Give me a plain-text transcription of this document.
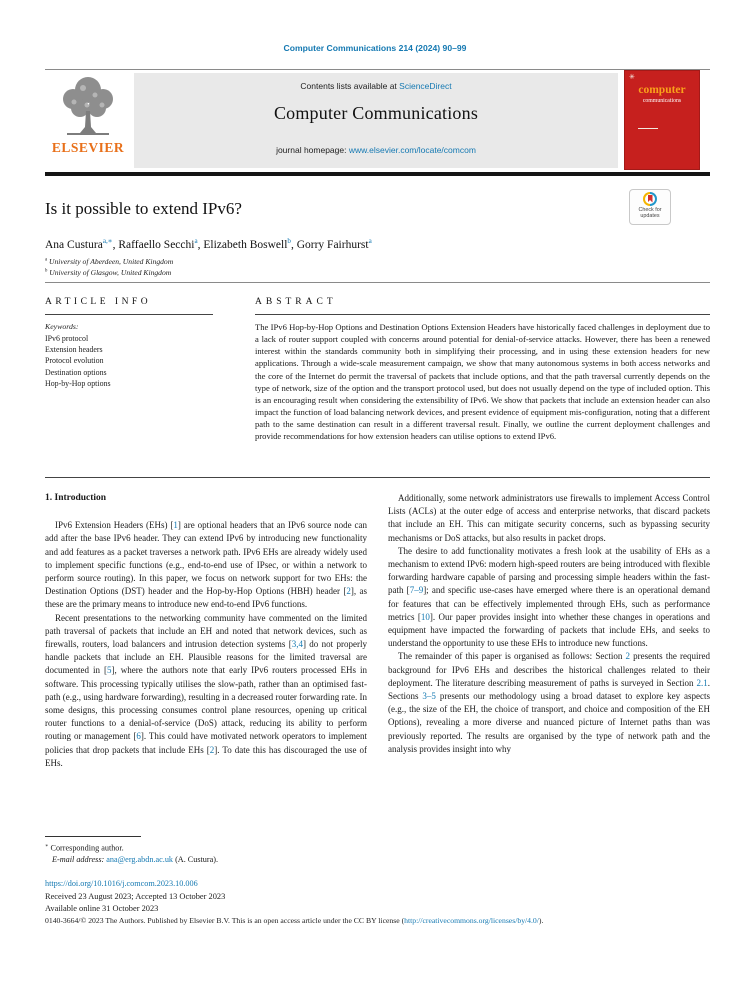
Computer Communications 214 (2024) 90–99
ELSEVIER
Contents lists available at ScienceDirect
Computer Communications
journal homepage: www.elsevier.com/locate/comcom
✳
computer
communications
Is it possible to extend IPv6?	Check for
updates
Ana Custura$^{a,∗}$, Raffaello Secchi$^a$, Elizabeth Boswell$^b$, Gorry Fairhurst$^a$
$^a$ University of Aberdeen, United Kingdom
$^b$ University of Glasgow, United Kingdom
ARTICLE INFO
Keywords:
IPv6 protocol
Extension headers
Protocol evolution
Destination options
Hop-by-Hop options
ABSTRACT
The IPv6 Hop-by-Hop Options and Destination Options Extension Headers have historically faced challenges in deployment due to a lack of router support coupled with concerns around potential for denial-of-service attacks. However, there has been a renewed interest within the standards community both in simplifying their processing, and in using these extension headers for new applications. Through a wide-scale measurement campaign, we show that many autonomous systems in both access networks and the core of the Internet do permit the traversal of packets that include options, and that the path traversal currently depends on the type of network, size of the option and the transport protocol used, but does not usually depend on the type of included option. This is an encouraging result when considering the extensibility of IPv6. We show that packets that include an extension header can also impact the function of load balancing network devices, and present evidence of equipment mis-configuration, noting that a different path to the same destination can result in a different traversal result. Finally, we outline the current deployment challenges and provide recommendations for how extension headers can utilise options to extend IPv6.
1. Introduction

IPv6 Extension Headers (EHs) [1] are optional headers that an IPv6 source node can add after the base IPv6 header. They can extend IPv6 by introducing new functionality and add features as a packet traverses a network path. IPv6 EHs are already widely used to implement specific functions (e.g., end-to-end use of IPsec, or within a network to perform source routing). In this paper, we focus on network support for two EHs: the Destination Options (DST) header and the Hop-by-Hop Options (HBH) header [2], as these are the primary means to introduce new end-to-end IPv6 functions.

Recent presentations to the networking community have commented on the limited path traversal of packets that include an EH and noted that network devices, such as firewalls, routers, load balancers and intrusion detection systems [3,4] do not properly handle packets that include an EH. Plausible reasons for the limited traversal are documented in [5], where the authors note that early IPv6 routers processed EHs in software. This processing typically utilises the slow-path, rather than an optimised fast-path (e.g., using hardware forwarding), resulting in a decreased router forwarding rate. In some designs, this processing consumes control plane resources, opening up critical router functions to a denial-of-service (DoS) attack, reducing its ability to perform routing or management [6]. This could have motivated network operators to implement policies that drop packets that include EHs [2]. To date this has discouraged the use of EHs.

Additionally, some network administrators use firewalls to implement Access Control Lists (ACLs) at the outer edge of access and enterprise networks, that discard packets that include an EH. This can mitigate security concerns, such as bypassing security mechanisms or DoS attacks, but also results in packet drops.

The desire to add functionality motivates a fresh look at the usability of EHs as a mechanism to extend IPv6: modern high-speed routers are being introduced with flexible forwarding hardware capable of parsing and processing simple headers within the fast-path [7–9]; and specific use-cases have emerged where there is an operational demand for features that can be effectively implemented through EHs, such as performance metrics [10]. Our paper provides insight into whether these changes in operations and equipment have impacted the forwarding of packets that include EHs, and seeks to understand the opportunity to use these EHs to introduce new functions.

The remainder of this paper is organised as follows: Section 2 presents the required background for IPv6 EHs and describes the historical challenges related to their deployment. The literature describing measurement of paths is surveyed in Section 2.1. Sections 3–5 presents our methodology using a broad dataset to explore key aspects (e.g., the size of the EH, the choice of transport, and choice and composition of the EH Options), revealing a more diverse and nuanced picture of Internet paths than was previously reported. The results are organised by the type of network path and the analysis provides insight into why

∗ Corresponding author.
E-mail address: ana@erg.abdn.ac.uk (A. Custura).
https://doi.org/10.1016/j.comcom.2023.10.006
Received 23 August 2023; Accepted 13 October 2023
Available online 31 October 2023
0140-3664/© 2023 The Authors. Published by Elsevier B.V. This is an open access article under the CC BY license (http://creativecommons.org/licenses/by/4.0/).
